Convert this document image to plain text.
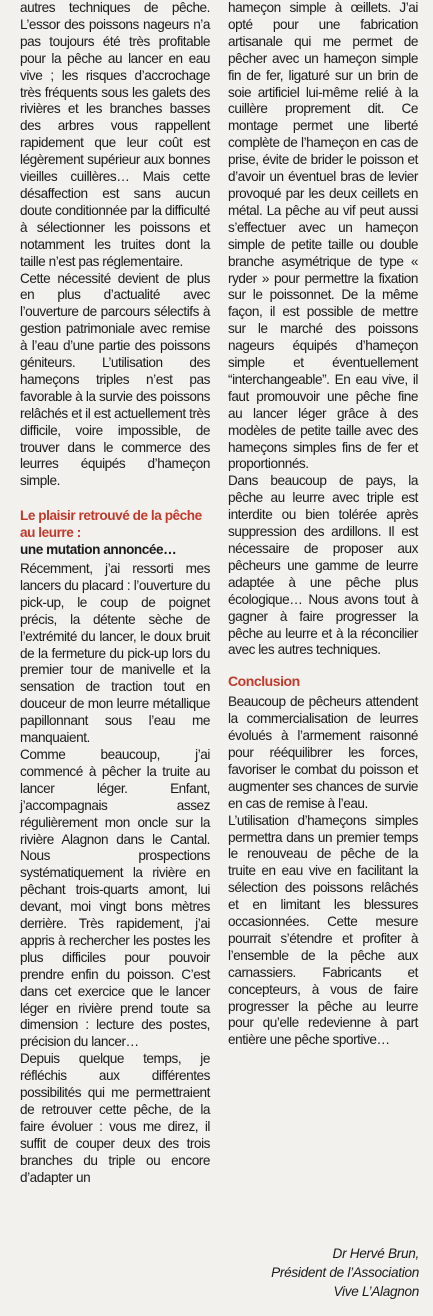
autres techniques de pêche. L’essor des poissons nageurs n’a pas toujours été très profitable pour la pêche au lancer en eau vive ; les risques d’accrochage très fréquents sous les galets des rivières et les branches basses des arbres vous rappellent rapidement que leur coût est légèrement supérieur aux bonnes vieilles cuillères… Mais cette désaffection est sans aucun doute conditionnée par la difficulté à sélectionner les poissons et notamment les truites dont la taille n’est pas réglementaire.

Cette nécessité devient de plus en plus d’actualité avec l’ouverture de parcours sélectifs à gestion patrimoniale avec remise à l’eau d’une partie des poissons géniteurs. L’utilisation des hameçons triples n’est pas favorable à la survie des poissons relâchés et il est actuellement très difficile, voire impossible, de trouver dans le commerce des leurres équipés d’hameçon simple.

Le plaisir retrouvé de la pêche au leurre :
une mutation annoncée…

Récemment, j’ai ressorti mes lancers du placard : l’ouverture du pick-up, le coup de poignet précis, la détente sèche de l’extrémité du lancer, le doux bruit de la fermeture du pick-up lors du premier tour de manivelle et la sensation de traction tout en douceur de mon leurre métallique papillonnant sous l’eau me manquaient.

Comme beaucoup, j’ai commencé à pêcher la truite au lancer léger. Enfant, j’accompagnais assez régulièrement mon oncle sur la rivière Alagnon dans le Cantal. Nous prospections systématiquement la rivière en pêchant trois-quarts amont, lui devant, moi vingt bons mètres derrière. Très rapidement, j’ai appris à rechercher les postes les plus difficiles pour pouvoir prendre enfin du poisson. C’est dans cet exercice que le lancer léger en rivière prend toute sa dimension : lecture des postes, précision du lancer…

Depuis quelque temps, je réfléchis aux différentes possibilités qui me permettraient de retrouver cette pêche, de la faire évoluer : vous me direz, il suffit de couper deux des trois branches du triple ou encore d’adapter un

hameçon simple à œillets. J’ai opté pour une fabrication artisanale qui me permet de pêcher avec un hameçon simple fin de fer, ligaturé sur un brin de soie artificiel lui-même relié à la cuillère proprement dit. Ce montage permet une liberté complète de l’hameçon en cas de prise, évite de brider le poisson et d’avoir un éventuel bras de levier provoqué par les deux ceillets en métal. La pêche au vif peut aussi s’effectuer avec un hameçon simple de petite taille ou double branche asymétrique de type « ryder » pour permettre la fixation sur le poissonnet. De la même façon, il est possible de mettre sur le marché des poissons nageurs équipés d’hameçon simple et éventuellement “interchangeable”. En eau vive, il faut promouvoir une pêche fine au lancer léger grâce à des modèles de petite taille avec des hameçons simples fins de fer et proportionnés.

Dans beaucoup de pays, la pêche au leurre avec triple est interdite ou bien tolérée après suppression des ardillons. Il est nécessaire de proposer aux pêcheurs une gamme de leurre adaptée à une pêche plus écologique… Nous avons tout à gagner à faire progresser la pêche au leurre et à la réconcilier avec les autres techniques.

Conclusion

Beaucoup de pêcheurs attendent la commercialisation de leurres évolués à l’armement raisonné pour rééquilibrer les forces, favoriser le combat du poisson et augmenter ses chances de survie en cas de remise à l’eau.

L’utilisation d’hameçons simples permettra dans un premier temps le renouveau de pêche de la truite en eau vive en facilitant la sélection des poissons relâchés et en limitant les blessures occasionnées. Cette mesure pourrait s’étendre et profiter à l’ensemble de la pêche aux carnassiers. Fabricants et concepteurs, à vous de faire progresser la pêche au leurre pour qu’elle redevienne à part entière une pêche sportive…

Dr Hervé Brun,
Président de l’Association
Vive L’Alagnon
